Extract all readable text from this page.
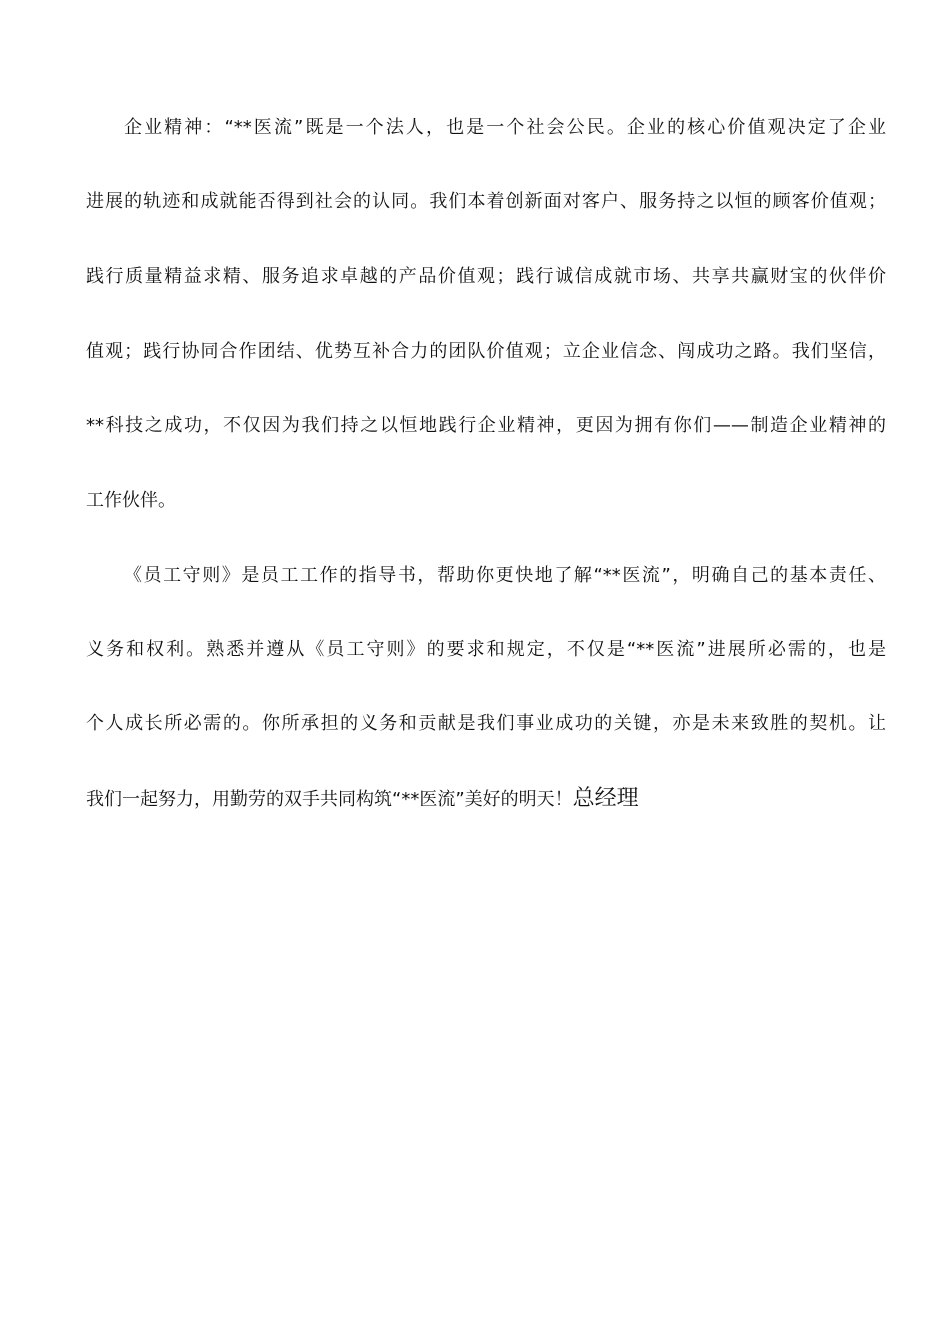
企业精神：“**医流”既是一个法人，也是一个社会公民。企业的核心价值观决定了企业
进展的轨迹和成就能否得到社会的认同。我们本着创新面对客户、服务持之以恒的顾客价值观；
践行质量精益求精、服务追求卓越的产品价值观；践行诚信成就市场、共享共赢财宝的伙伴价
值观；践行协同合作团结、优势互补合力的团队价值观；立企业信念、闯成功之路。我们坚信，
**科技之成功，不仅因为我们持之以恒地践行企业精神，更因为拥有你们——制造企业精神的
工作伙伴。
《员工守则》是员工工作的指导书，帮助你更快地了解“**医流”，明确自己的基本责任、
义务和权利。熟悉并遵从《员工守则》的要求和规定，不仅是“**医流”进展所必需的，也是
个人成长所必需的。你所承担的义务和贡献是我们事业成功的关键，亦是未来致胜的契机。让
我们一起努力，用勤劳的双手共同构筑“**医流”美好的明天！总经理
